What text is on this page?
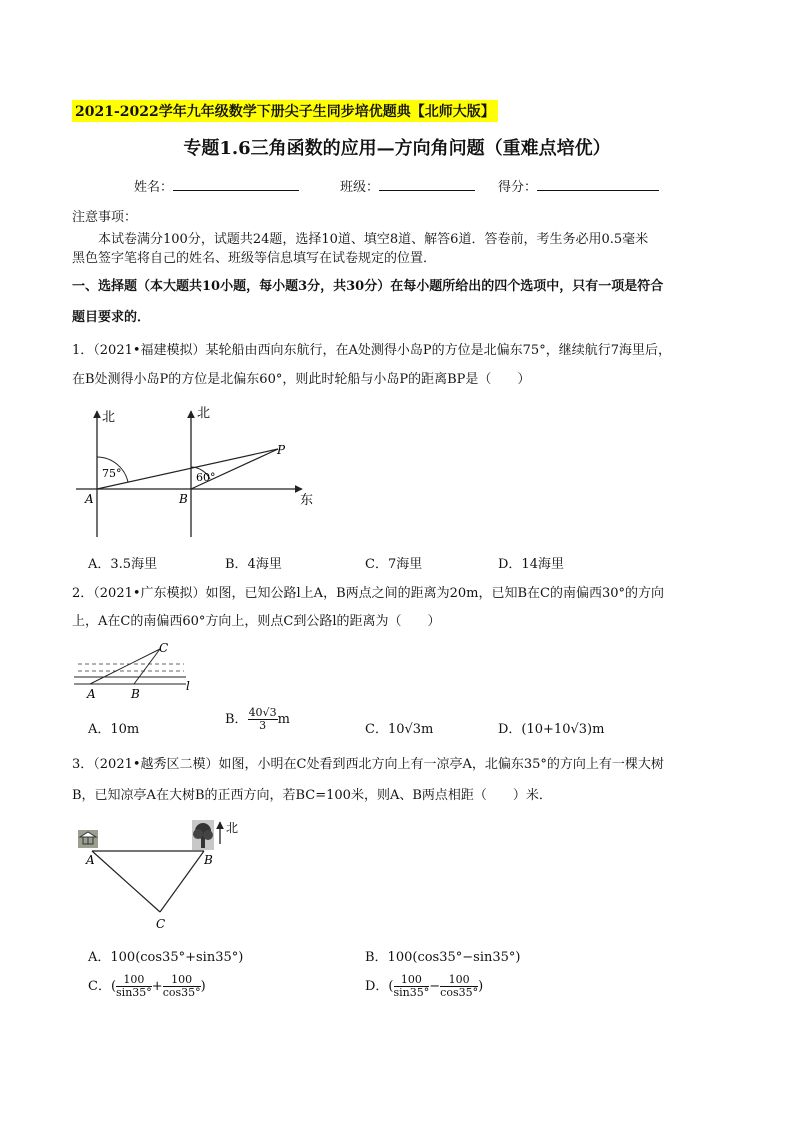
2021-2022学年九年级数学下册尖子生同步培优题典【北师大版】
专题1.6三角函数的应用—方向角问题（重难点培优）
姓名：	班级：	得分：
注意事项：
本试卷满分100分，试题共24题，选择10道、填空8道、解答6道．答卷前，考生务必用0.5毫米
黑色签字笔将自己的姓名、班级等信息填写在试卷规定的位置．
一、选择题（本大题共10小题，每小题3分，共30分）在每小题所给出的四个选项中，只有一项是符合
题目要求的．
1．（2021•福建模拟）某轮船由西向东航行，在A处测得小岛P的方位是北偏东75°，继续航行7海里后，
在B处测得小岛P的方位是北偏东60°，则此时轮船与小岛P的距离BP是（　　）
北	北
东
75°	60°
A	B
P
A．3.5海里	B．4海里	C．7海里	D．14海里
2．（2021•广东模拟）如图，已知公路l上A，B两点之间的距离为20m，已知B在C的南偏西30°的方向
上，A在C的南偏西60°方向上，则点C到公路l的距离为（　　）
C
A	B
l
A．10m
B． $\frac{40√3}{3}$ m
C．10√3m	D．(10+10√3)m
3．（2021•越秀区二模）如图，小明在C处看到西北方向上有一凉亭A，北偏东35°的方向上有一棵大树
B，已知凉亭A在大树B的正西方向，若BC=100米，则A、B两点相距（　　）米．
北
A	B
C
A．100(cos35°+sin35°)	B．100(cos35°−sin35°)
C．( $\frac{100}{\sin 35^\circ} + \frac{100}{\cos 35^\circ}$ )	D．( $\frac{100}{\sin 35^\circ} - \frac{100}{\cos 35^\circ}$ )
